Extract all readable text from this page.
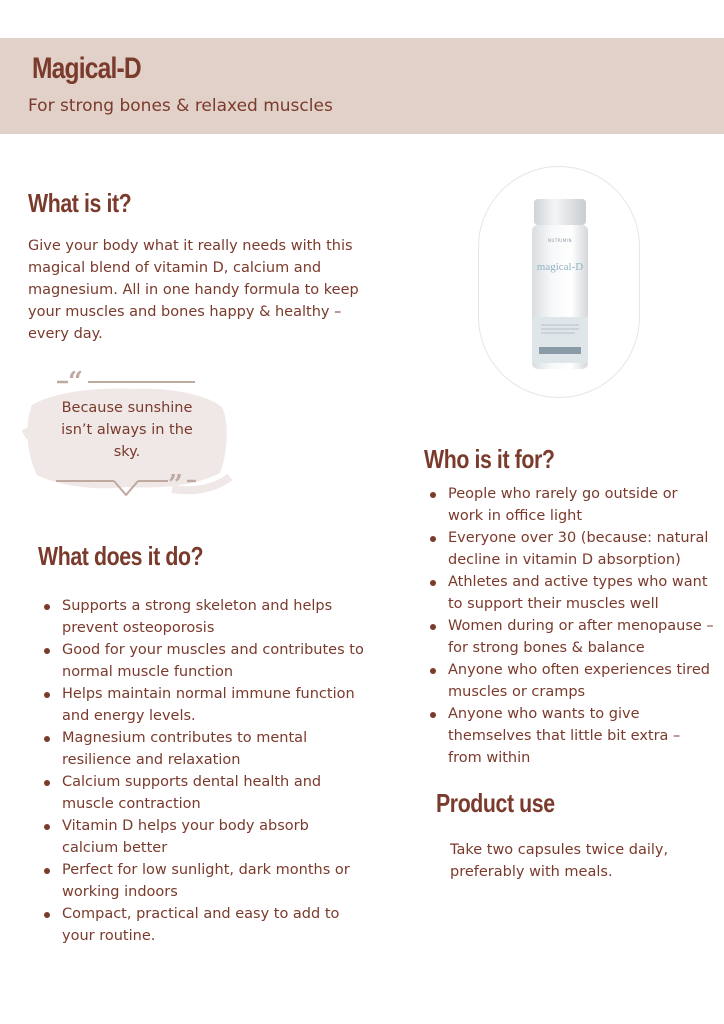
Magical-D
For strong bones & relaxed muscles
What is it?
Give your body what it really needs with this magical blend of vitamin D, calcium and magnesium. All in one handy formula to keep your muscles and bones happy & healthy – every day.
“
”
Because sunshine isn’t always in the sky.
What does it do?
Supports a strong skeleton and helps prevent osteoporosis
Good for your muscles and contributes to normal muscle function
Helps maintain normal immune function and energy levels.
Magnesium contributes to mental resilience and relaxation
Calcium supports dental health and muscle contraction
Vitamin D helps your body absorb calcium better
Perfect for low sunlight, dark months or working indoors
Compact, practical and easy to add to your routine.
NUTRIMIN
magical-D
Who is it for?
People who rarely go outside or work in office light
Everyone over 30 (because: natural decline in vitamin D absorption)
Athletes and active types who want to support their muscles well
Women during or after menopause – for strong bones & balance
Anyone who often experiences tired muscles or cramps
Anyone who wants to give themselves that little bit extra – from within
Product use
Take two capsules twice daily, preferably with meals.
